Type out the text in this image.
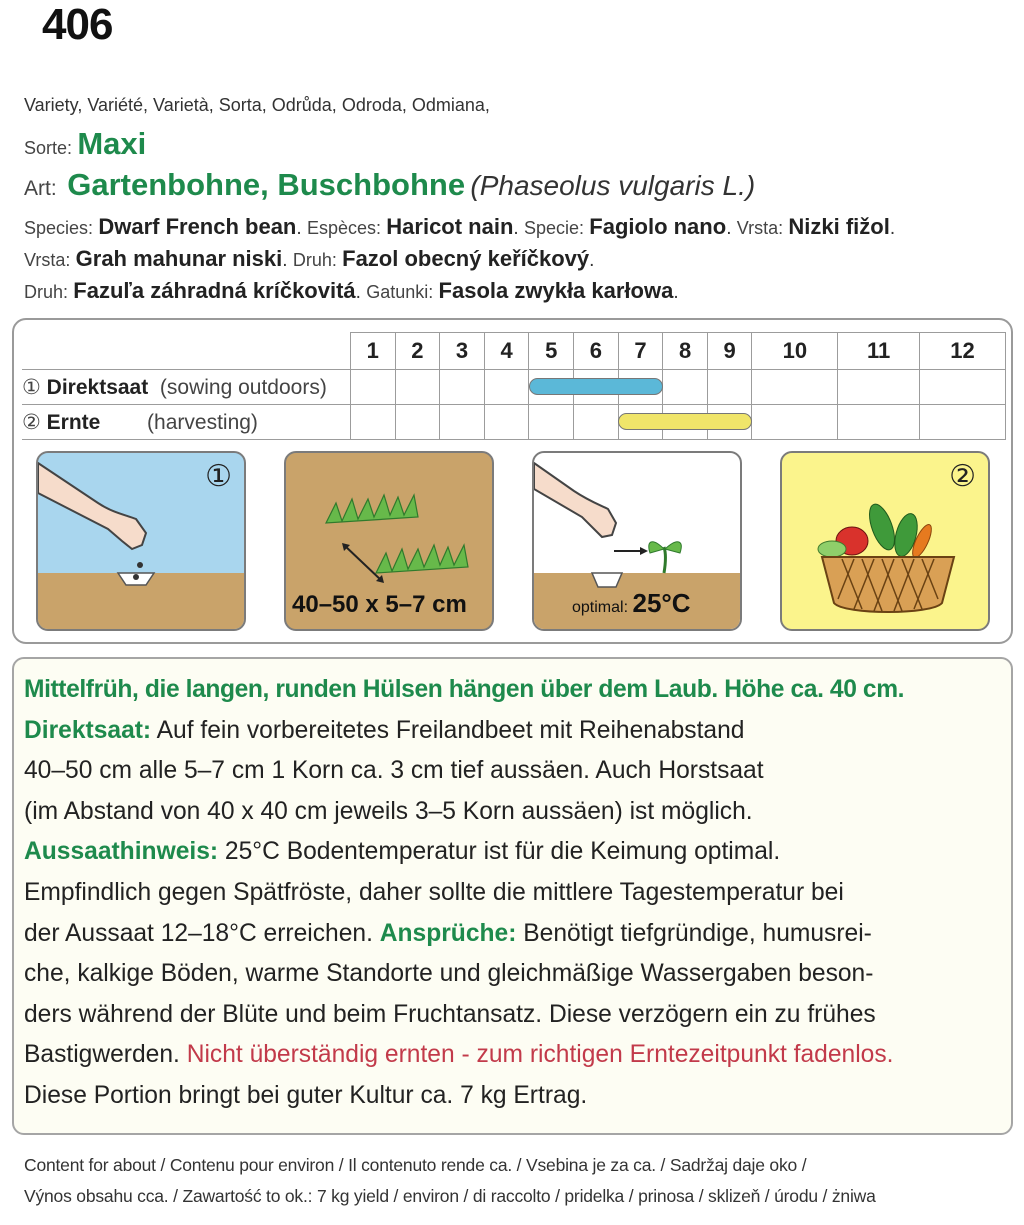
406
Variety, Variété, Varietà, Sorta, Odrůda, Odroda, Odmiana,
Sorte: Maxi
Art: Gartenbohne, Buschbohne (Phaseolus vulgaris L.)
Species: Dwarf French bean. Espèces: Haricot nain. Specie: Fagiolo nano. Vrsta: Nizki fižol.
Vrsta: Grah mahunar niski. Druh: Fazol obecný keříčkový.
Druh: Fazuľa záhradná kríčkovitá. Gatunki: Fasola zwykła karłowa.
	1	2	3	4	5	6	7	8	9	10	11	12
① Direktsaat (sowing outdoors)												
② Ernte (harvesting)												
①
40–50 x 5–7 cm	optimal: 25°C
②

Mittelfrüh, die langen, runden Hülsen hängen über dem Laub. Höhe ca. 40 cm.

Direktsaat: Auf fein vorbereitetes Freilandbeet mit Reihenabstand
40–50 cm alle 5–7 cm 1 Korn ca. 3 cm tief aussäen. Auch Horstsaat
(im Abstand von 40 x 40 cm jeweils 3–5 Korn aussäen) ist möglich.

Aussaathinweis: 25°C Bodentemperatur ist für die Keimung optimal.
Empfindlich gegen Spätfröste, daher sollte die mittlere Tagestemperatur bei
der Aussaat 12–18°C erreichen. Ansprüche: Benötigt tiefgründige, humusrei-
che, kalkige Böden, warme Standorte und gleichmäßige Wassergaben beson-
ders während der Blüte und beim Fruchtansatz. Diese verzögern ein zu frühes
Bastigwerden. Nicht überständig ernten - zum richtigen Erntezeitpunkt fadenlos.
Diese Portion bringt bei guter Kultur ca. 7 kg Ertrag.

Content for about / Contenu pour environ / Il contenuto rende ca. / Vsebina je za ca. / Sadržaj daje oko /
Výnos obsahu cca. / Zawartość to ok.: 7 kg yield / environ / di raccolto / pridelka / prinosa / sklizeň / úrodu / żniwa
